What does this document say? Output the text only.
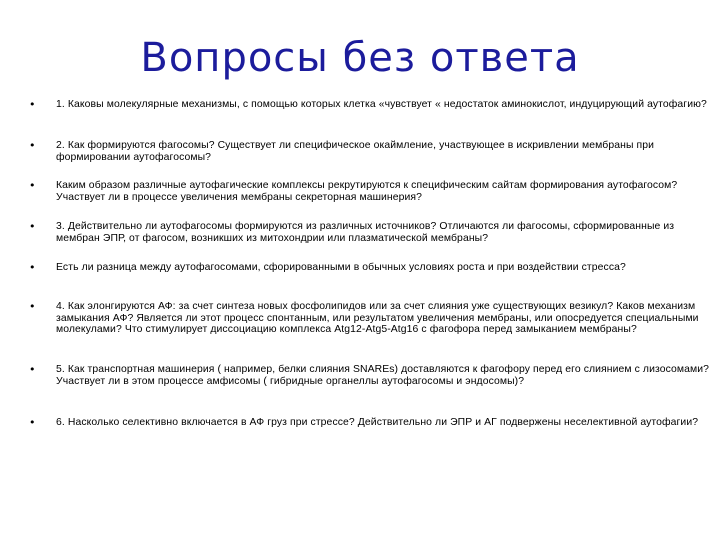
Вопросы без ответа
• 1. Каковы молекулярные механизмы, с помощью которых клетка «чувствует « недостаток аминокислот, индуцирующий аутофагию?
• 2. Как формируются фагосомы? Существует ли специфическое окаймление, участвующее в искривлении мембраны при формировании аутофагосомы?
• Каким образом различные аутофагические комплексы рекрутируются к специфическим сайтам формирования аутофагосом? Участвует ли в процессе увеличения мембраны секреторная машинерия?
• 3. Действительно ли аутофагосомы формируются из различных источников? Отличаются ли фагосомы, сформированные из мембран ЭПР, от фагосом, возникших из митохондрии или плазматической мембраны?
• Есть ли разница между аутофагосомами, сфорированными в обычных условиях роста и при воздействии стресса?
• 4. Как элонгируются АФ: за счет синтеза новых фосфолипидов или за счет слияния уже существующих везикул? Каков механизм замыкания АФ? Является ли этот процесс спонтанным, или результатом увеличения мембраны, или опосредуется специальными молекулами? Что стимулирует диссоциацию комплекса Atg12-Atg5-Atg16 с фагофора перед замыканием мембраны?
• 5. Как транспортная машинерия ( например, белки слияния SNAREs) доставляются к фагофору перед его слиянием с лизосомами? Участвует ли в этом процессе амфисомы ( гибридные органеллы аутофагосомы и эндосомы)?
• 6. Насколько селективно включается в АФ груз при стрессе? Действительно ли ЭПР и АГ подвержены неселективной аутофагии?
